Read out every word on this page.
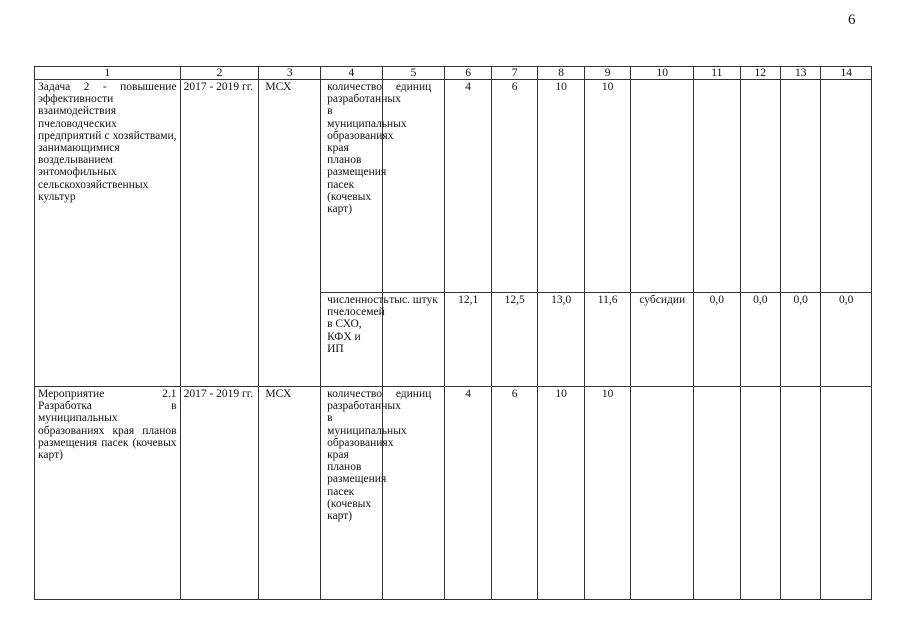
6
1	2	3	4	5	6	7	8	9	10	11	12	13	14
Задача 2 - повышение эффективности взаимодействия пчеловодческих предприятий с хозяйствами, занимающимися возделыванием энтомофильных сельскохозяйственных культур	2017 - 2019 гг.	МСХ	количество разработанных в муниципальных образованиях края планов размещения пасек (кочевых карт)	единиц	4	6	10	10					
			численность пчелосемей в СХО, КФХ и ИП	тыс. штук	12,1	12,5	13,0	11,6	субсидии	0,0	0,0	0,0	0,0
Мероприятие 2.1 Разработка в муниципальных образованиях края планов размещения пасек (кочевых карт)	2017 - 2019 гг.	МСХ	количество разработанных в муниципальных образованиях края планов размещения пасек (кочевых карт)	единиц	4	6	10	10					
